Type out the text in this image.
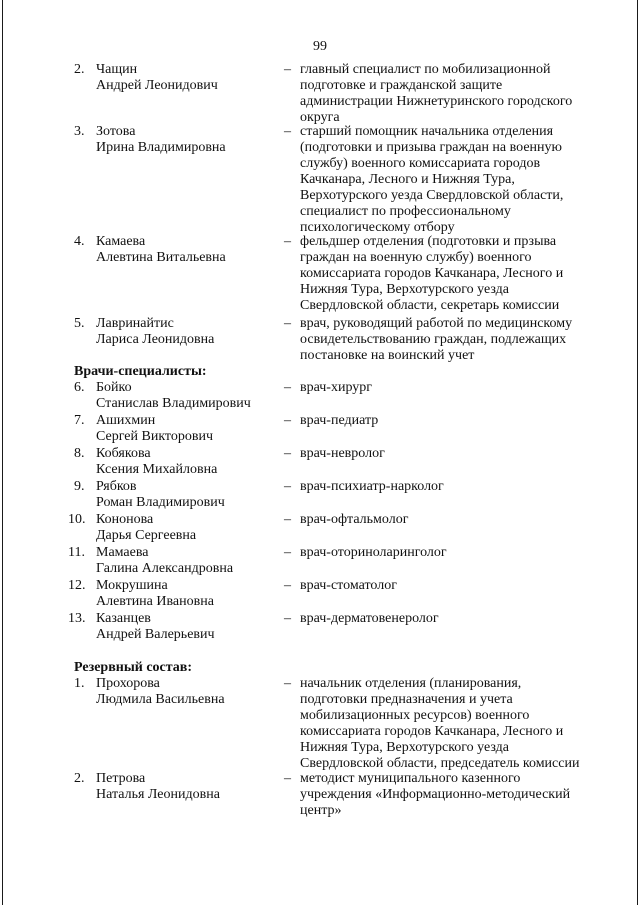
99
2. Чащин
Андрей Леонидович
– главный специалист по мобилизационной
подготовке и гражданской защите
администрации Нижнетуринского городского
округа
3. Зотова
Ирина Владимировна
– старший помощник начальника отделения
(подготовки и призыва граждан на военную
службу) военного комиссариата городов
Качканара, Лесного и Нижняя Тура,
Верхотурского уезда Свердловской области,
специалист по профессиональному
психологическому отбору
4. Камаева
Алевтина Витальевна
– фельдшер отделения (подготовки и прзыва
граждан на военную службу) военного
комиссариата городов Качканара, Лесного и
Нижняя Тура, Верхотурского уезда
Свердловской области, секретарь комиссии
5. Лавринайтис
Лариса Леонидовна
– врач, руководящий работой по медицинскому
освидетельствованию граждан, подлежащих
постановке на воинский учет
Врачи-специалисты:
6. Бойко
Станислав Владимирович
– врач-хирург
7. Ашихмин
Сергей Викторович
– врач-педиатр
8. Кобякова
Ксения Михайловна
– врач-невролог
9. Рябков
Роман Владимирович
– врач-психиатр-нарколог
10. Кононова
Дарья Сергеевна
– врач-офтальмолог
11. Мамаева
Галина Александровна
– врач-оториноларинголог
12. Мокрушина
Алевтина Ивановна
– врач-стоматолог
13. Казанцев
Андрей Валерьевич
– врач-дерматовенеролог
Резервный состав:
1. Прохорова
Людмила Васильевна
– начальник отделения (планирования,
подготовки предназначения и учета
мобилизационных ресурсов) военного
комиссариата городов Качканара, Лесного и
Нижняя Тура, Верхотурского уезда
Свердловской области, председатель комиссии
2. Петрова
Наталья Леонидовна
– методист муниципального казенного
учреждения «Информационно-методический
центр»
